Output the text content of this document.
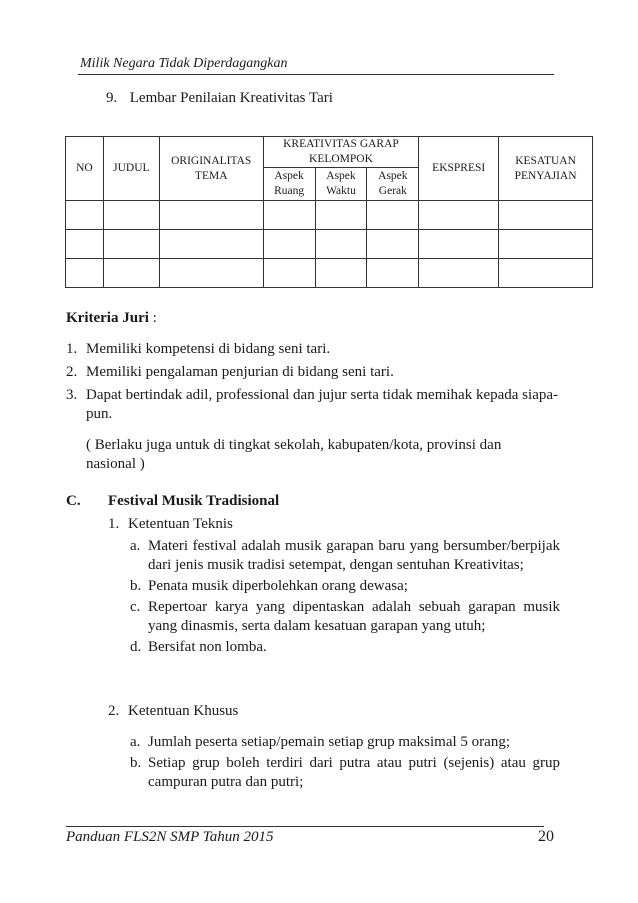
Milik Negara Tidak Diperdagangkan
9. Lembar Penilaian Kreativitas Tari
NO	JUDUL	ORIGINALITAS TEMA	KREATIVITAS GARAP KELOMPOK			EKSPRESI	KESATUAN PENYAJIAN
			Aspek Ruang	Aspek Waktu	Aspek Gerak		

Kriteria Juri :
1. Memiliki kompetensi di bidang seni tari.
2. Memiliki pengalaman penjurian di bidang seni tari.
3. Dapat bertindak adil, professional dan jujur serta tidak memihak kepada siapa-pun.
( Berlaku juga untuk di tingkat sekolah, kabupaten/kota, provinsi dan nasional )
C. Festival Musik Tradisional
1. Ketentuan Teknis
a. Materi festival adalah musik garapan baru yang bersumber/berpijak dari jenis musik tradisi setempat, dengan sentuhan Kreativitas;
b. Penata musik diperbolehkan orang dewasa;
c. Repertoar karya yang dipentaskan adalah sebuah garapan musik yang dinasmis, serta dalam kesatuan garapan yang utuh;
d. Bersifat non lomba.
2. Ketentuan Khusus
a. Jumlah peserta setiap/pemain setiap grup maksimal 5 orang;
b. Setiap grup boleh terdiri dari putra atau putri (sejenis) atau grup campuran putra dan putri;
Panduan FLS2N SMP Tahun 2015	20
